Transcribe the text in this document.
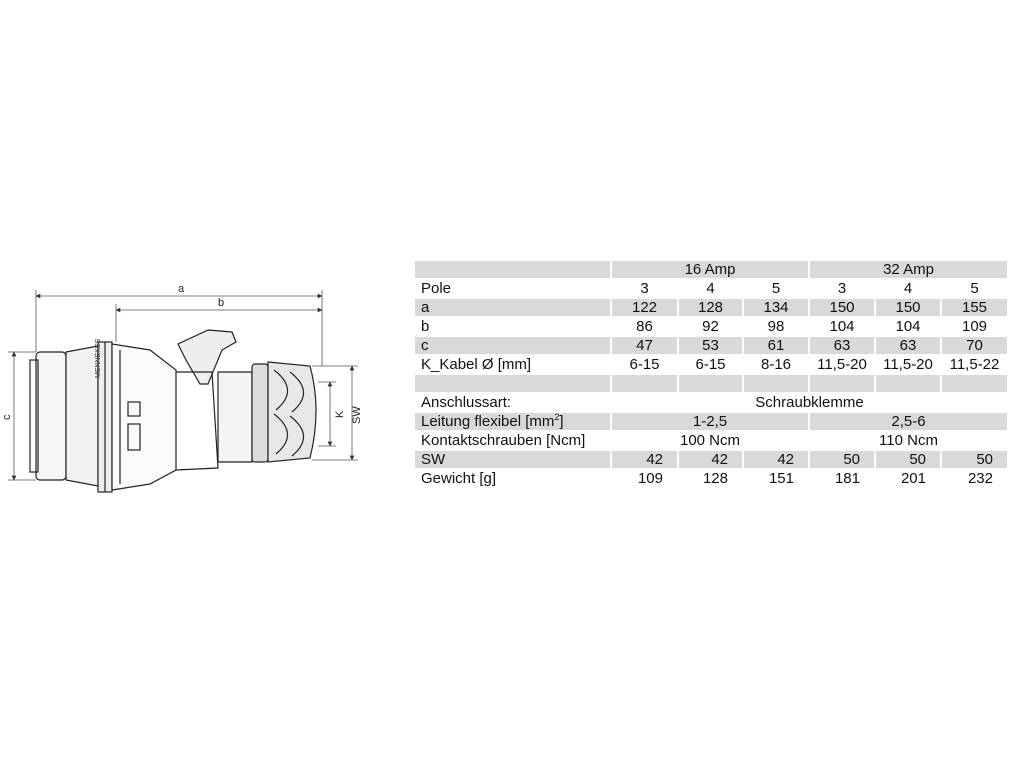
MENNEKES
a
b
c	K SW
	16 Amp			32 Amp		
Pole	3	4	5	3	4	5
a	122	128	134	150	150	155
b	86	92	98	104	104	109
c	47	53	61	63	63	70
K_Kabel Ø [mm]	6-15	6-15	8-16	11,5-20	11,5-20	11,5-22

Anschlussart:	Schraubklemme					
Leitung flexibel $[mm^2]$	1-2,5			2,5-6		
Kontaktschrauben [Ncm]	100 Ncm			110 Ncm		
SW	42	42	42	50	50	50
Gewicht [g]	109	128	151	181	201	232
